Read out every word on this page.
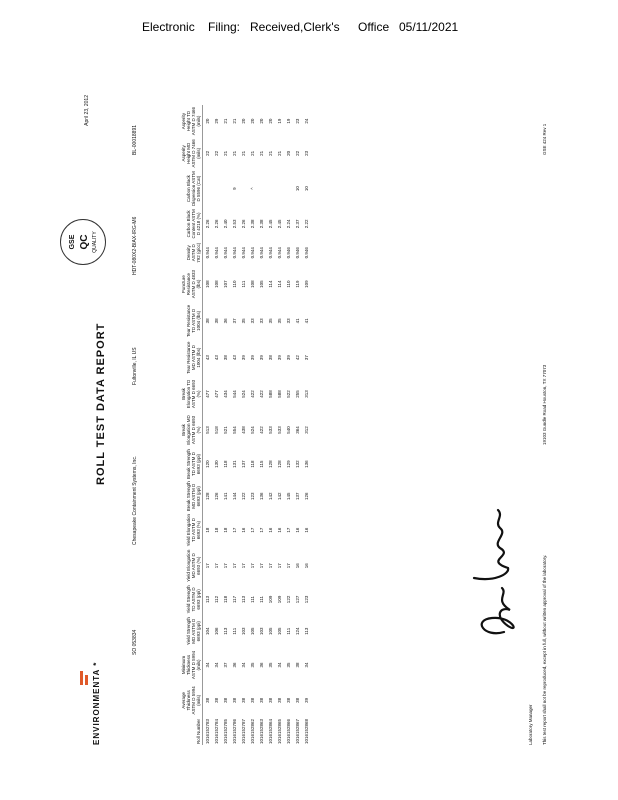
Electronic Filing: Received,Clerk's Office 05/11/2021
ENVIRONMENTA *
ROLL TEST DATA REPORT
April 23, 2012
GSE QC QUALITY
SO 053834
Chesapeake Containment Systems, Inc.
Fultonville, IL US
HDT-080X2-BIAX-IRG-M6
BL-00018891
Roll Number	Average Thickness ASTM D 5994 (mils)	Minimum Thickness ASTM D 5994 (mils)	Yield Strength MD ASTM D 6693 (ppi)	Yield Strength TD ASTM D 6693 (ppi)	Yield Elongation MD ASTM D 6693 (%)	Yield Elongation TD ASTM D 6693 (%)	Break Strength MD ASTM D 6693 (ppi)	Break Strength TD ASTM D 6693 (ppi)	Break Elongation MD ASTM D 6693 (%)	Break Elongation TD ASTM D 6693 (%)	Tear Resistance MD ASTM D 1004 (lbs)	Tear Resistance TD ASTM D 1004 (lbs)	Puncture Resistance ASTM D 4833 (lbs)	Density ASTM D 792 (g/cc)	Carbon Black Content ASTM D 4218 (%)	Carbon Black Dispersion ASTM D 5596 (Cat)	Asperity Height MD ASTM D 7466 (mils)	Asperity Height TD ASTM D 7466 (mils)
1016152783	38	34	104	113	17	18	128	120	513	477	43	38	108	0.944	2.26		22	20
1016152784	38	34	106	112	17	18	126	130	518	477	43	38	108	0.944	2.26		22	29
1016152785	38	37	113	118	17	18	141	118	521	434	38	36	107	0.944	2.40		21	21
1016152786	38	36	111	117	17	17	144	131	554	544	43	37	110	0.944	2.53	9	21	21
1016152787	38	34	103	113	17	16	122	137	438	524	39	35	111	0.944	2.26		21	20
1016152862	38	35	105	111	17	17	123	118	524	422	39	33	108	0.944	2.38	^	21	20
1016152863	38	36	103	111	17	17	136	115	422	422	39	33	105	0.944	2.38		21	20
1016152864	38	35	105	109	17	16	142	128	533	588	38	35	114	0.944	2.45		21	20
1016152865	38	34	105	109	17	16	142	128	533	588	39	35	114	0.944	2.45		21	19
1016152866	38	35	111	122	17	17	145	129	540	522	39	33	110	0.946	2.24		20	19
1016152867	38	38	124	127	16	16	137	132	364	255	42	41	119	0.946	2.37	10	22	23
1016152868	39	34	113	123	16	16	126	136	312	313	37	41	109	0.946	2.22	10	23	24
Laboratory Manager This test report shall not be reproduced, except in full, without written approval of the laboratory.
19103 Gundle Road Houston, TX 77073
GSE 424 Rev 1
